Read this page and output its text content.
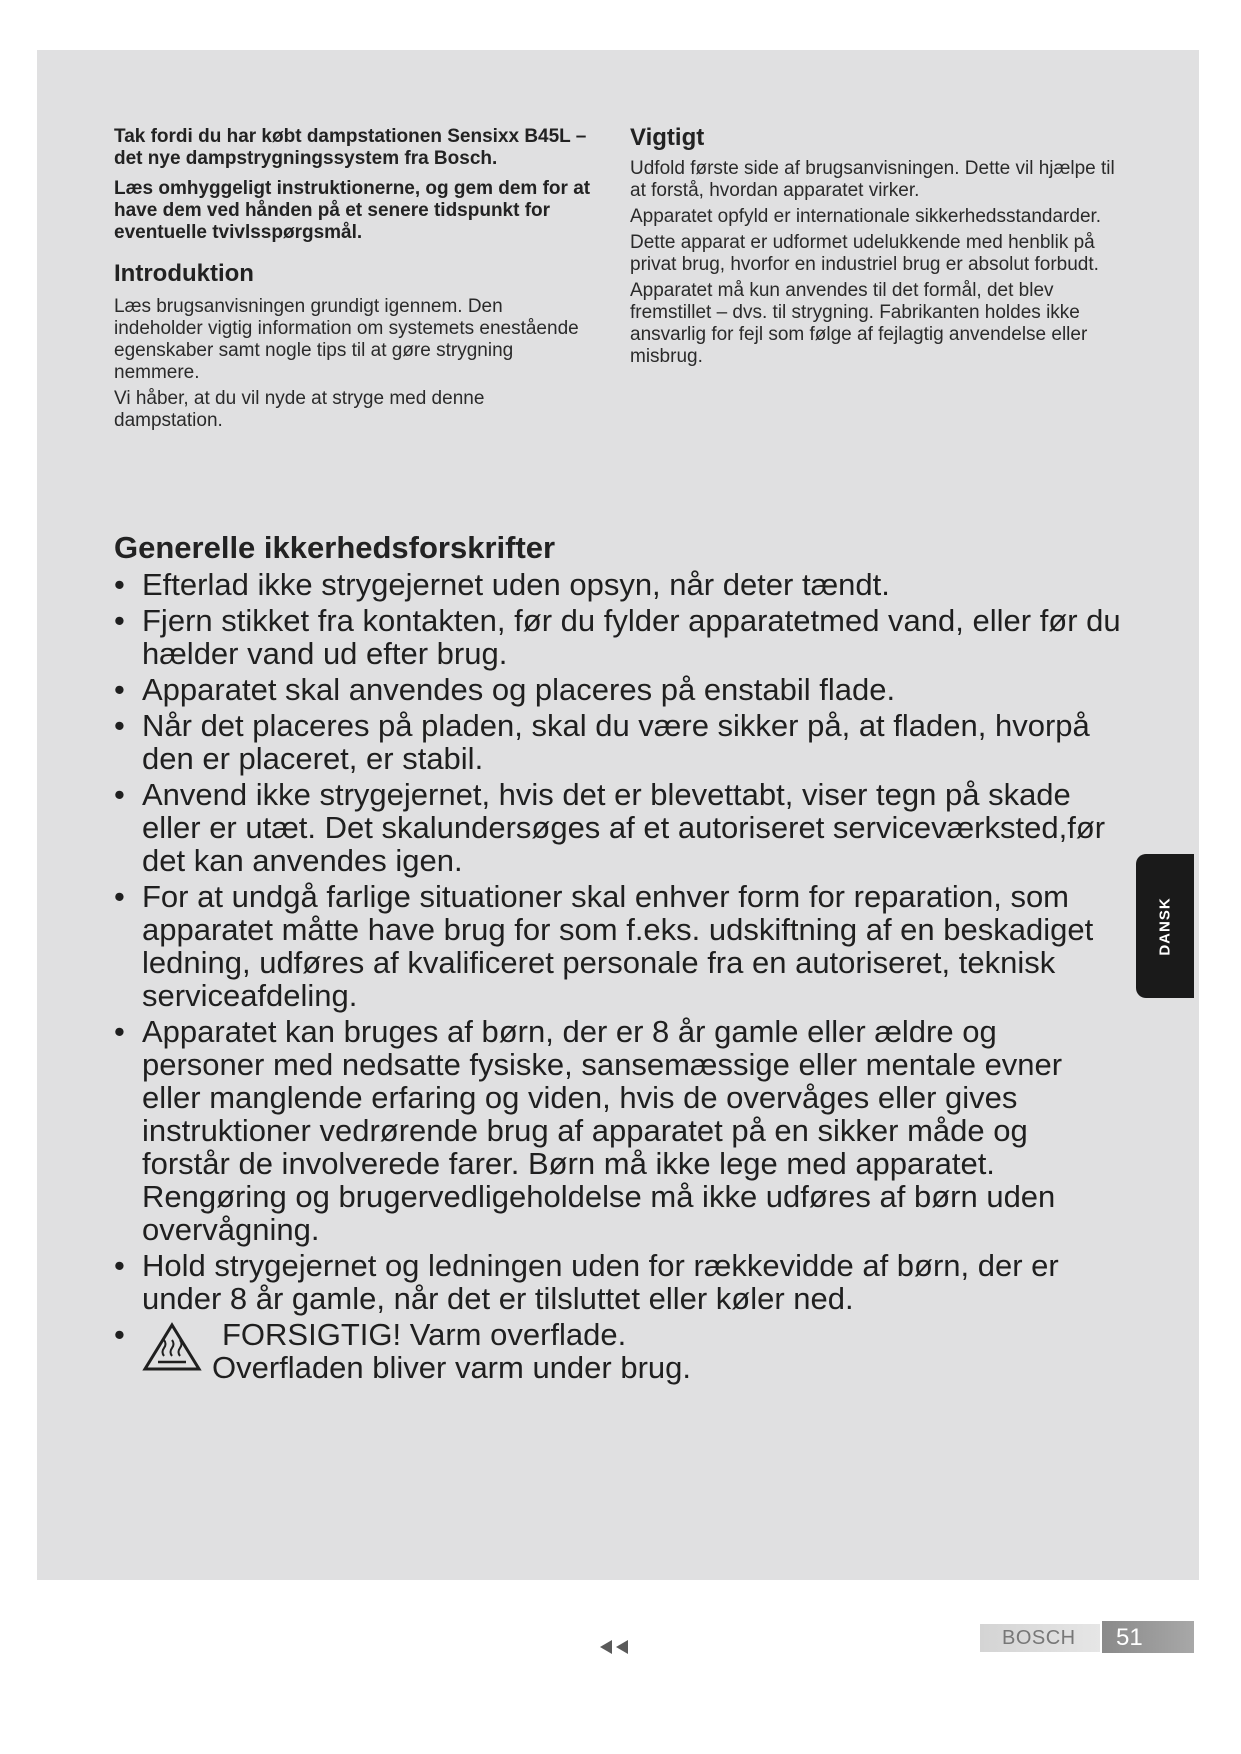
Tak fordi du har købt dampstationen Sensixx B45L – det nye dampstrygningssystem fra Bosch.

Læs omhyggeligt instruktionerne, og gem dem for at have dem ved hånden på et senere tidspunkt for eventuelle tvivlsspørgsmål.

Introduktion

Læs brugsanvisningen grundigt igennem. Den indeholder vigtig information om systemets enestående egenskaber samt nogle tips til at gøre strygning nemmere.

Vi håber, at du vil nyde at stryge med denne dampstation.

Vigtigt

Udfold første side af brugsanvisningen. Dette vil hjælpe til at forstå, hvordan apparatet virker.

Apparatet opfyld er internationale sikkerhedsstandarder.

Dette apparat er udformet udelukkende med henblik på privat brug, hvorfor en industriel brug er absolut forbudt.

Apparatet må kun anvendes til det formål, det blev fremstillet – dvs. til strygning. Fabrikanten holdes ikke ansvarlig for fejl som følge af fejlagtig anvendelse eller misbrug.

Generelle ikkerhedsforskrifter
• Efterlad ikke strygejernet uden opsyn, når deter tændt.
• Fjern stikket fra kontakten, før du fylder apparatetmed vand, eller før du hælder vand ud efter brug.
• Apparatet skal anvendes og placeres på enstabil flade.
• Når det placeres på pladen, skal du være sikker på, at fladen, hvorpå den er placeret, er stabil.
• Anvend ikke strygejernet, hvis det er blevettabt, viser tegn på skade eller er utæt. Det skalundersøges af et autoriseret serviceværksted,før det kan anvendes igen.
• For at undgå farlige situationer skal enhver form for reparation, som apparatet måtte have brug for som f.eks. udskiftning af en beskadiget ledning, udføres af kvalificeret personale fra en autoriseret, teknisk serviceafdeling.
• Apparatet kan bruges af børn, der er 8 år gamle eller ældre og personer med nedsatte fysiske, sansemæssige eller mentale evner eller manglende erfaring og viden, hvis de overvåges eller gives instruktioner vedrørende brug af apparatet på en sikker måde og forstår de involverede farer. Børn må ikke lege med apparatet. Rengøring og brugervedligeholdelse må ikke udføres af børn uden overvågning.
• Hold strygejernet og ledningen uden for rækkevidde af børn, der er under 8 år gamle, når det er tilsluttet eller køler ned.
•	FORSIGTIG! Varm overflade.
Overfladen bliver varm under brug.
DANSK
BOSCH 51
